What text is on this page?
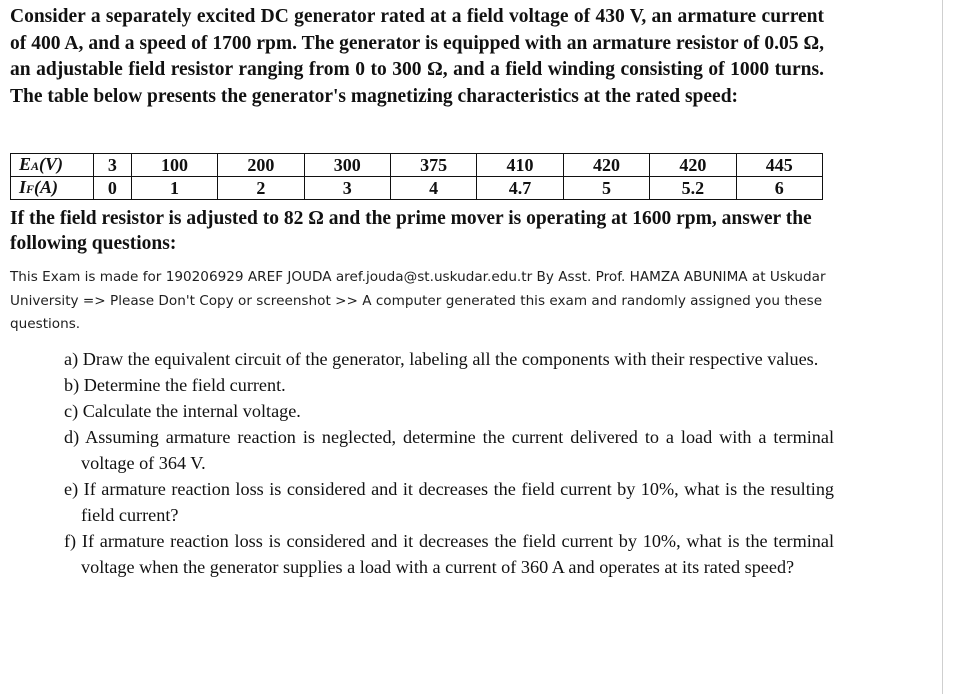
Consider a separately excited DC generator rated at a field voltage of 430 V, an armature current of 400 A, and a speed of 1700 rpm. The generator is equipped with an armature resistor of 0.05 Ω, an adjustable field resistor ranging from 0 to 300 Ω, and a field winding consisting of 1000 turns. The table below presents the generator's magnetizing characteristics at the rated speed:

EA(V)	3	100	200	300	375	410	420	420	445
IF(A)	0	1	2	3	4	4.7	5	5.2	6

If the field resistor is adjusted to 82 Ω and the prime mover is operating at 1600 rpm, answer the following questions:

This Exam is made for 190206929 AREF JOUDA aref.jouda@st.uskudar.edu.tr By Asst. Prof. HAMZA ABUNIMA at Uskudar University => Please Don't Copy or screenshot >> A computer generated this exam and randomly assigned you these questions.

a) Draw the equivalent circuit of the generator, labeling all the components with their respective values.
b) Determine the field current.
c) Calculate the internal voltage.
d) Assuming armature reaction is neglected, determine the current delivered to a load with a terminal voltage of 364 V.
e) If armature reaction loss is considered and it decreases the field current by 10%, what is the resulting field current?
f) If armature reaction loss is considered and it decreases the field current by 10%, what is the terminal voltage when the generator supplies a load with a current of 360 A and operates at its rated speed?
